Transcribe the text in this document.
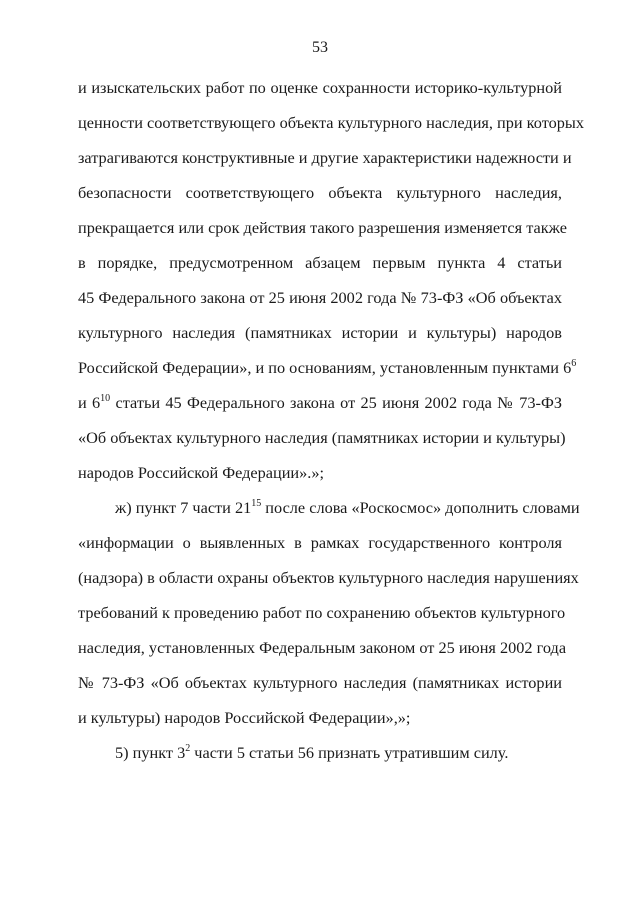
53
и изыскательских работ по оценке сохранности историко-культурной
ценности соответствующего объекта культурного наследия, при которых
затрагиваются конструктивные и другие характеристики надежности и
безопасности соответствующего объекта культурного наследия,
прекращается или срок действия такого разрешения изменяется также
в порядке, предусмотренном абзацем первым пункта 4 статьи
45 Федерального закона от 25 июня 2002 года № 73-ФЗ «Об объектах
культурного наследия (памятниках истории и культуры) народов
Российской Федерации», и по основаниям, установленным пунктами $6^6$
и $6^{10}$ статьи 45 Федерального закона от 25 июня 2002 года № 73-ФЗ
«Об объектах культурного наследия (памятниках истории и культуры)
народов Российской Федерации».»;
ж) пункт 7 части $21^{15}$ после слова «Роскосмос» дополнить словами
«информации о выявленных в рамках государственного контроля
(надзора) в области охраны объектов культурного наследия нарушениях
требований к проведению работ по сохранению объектов культурного
наследия, установленных Федеральным законом от 25 июня 2002 года
№ 73-ФЗ «Об объектах культурного наследия (памятниках истории
и культуры) народов Российской Федерации»,»;
5) пункт $3^2$ части 5 статьи 56 признать утратившим силу.
